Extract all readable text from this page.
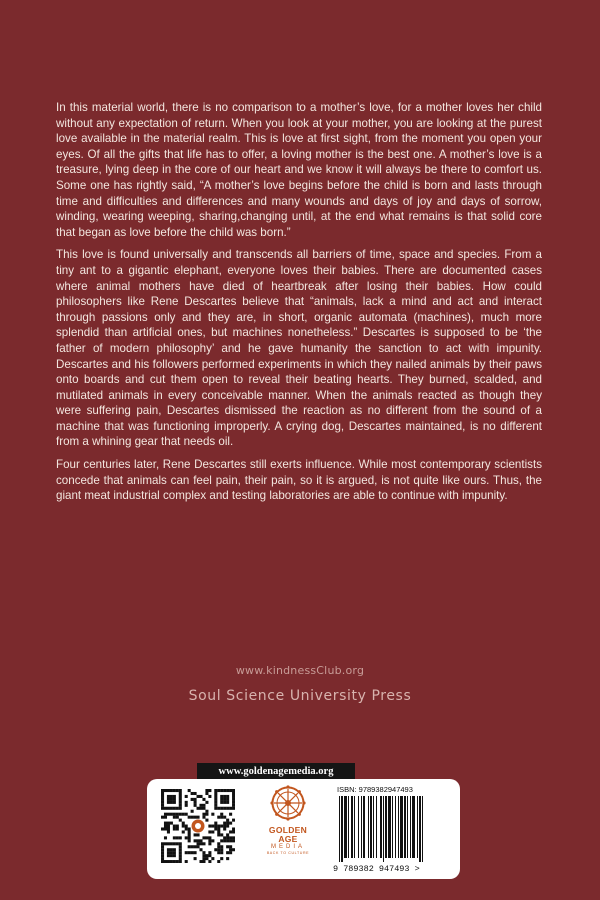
In this material world, there is no comparison to a mother’s love, for a mother loves her child without any expectation of return. When you look at your mother, you are looking at the purest love available in the material realm. This is love at first sight, from the moment you open your eyes. Of all the gifts that life has to offer, a loving mother is the best one. A mother’s love is a treasure, lying deep in the core of our heart and we know it will always be there to comfort us. Some one has rightly said, “A mother’s love begins before the child is born and lasts through time and difficulties and differences and many wounds and days of joy and days of sorrow, winding, wearing weeping, sharing,changing until, at the end what remains is that solid core that began as love before the child was born.”

This love is found universally and transcends all barriers of time, space and species. From a tiny ant to a gigantic elephant, everyone loves their babies. There are documented cases where animal mothers have died of heartbreak after losing their babies. How could philosophers like Rene Descartes believe that “animals, lack a mind and act and interact through passions only and they are, in short, organic automata (machines), much more splendid than artificial ones, but machines nonetheless.” Descartes is supposed to be ‘the father of modern philosophy’ and he gave humanity the sanction to act with impunity. Descartes and his followers performed experiments in which they nailed animals by their paws onto boards and cut them open to reveal their beating hearts. They burned, scalded, and mutilated animals in every conceivable manner. When the animals reacted as though they were suffering pain, Descartes dismissed the reaction as no different from the sound of a machine that was functioning improperly. A crying dog, Descartes maintained, is no different from a whining gear that needs oil.

Four centuries later, Rene Descartes still exerts influence. While most contemporary scientists concede that animals can feel pain, their pain, so it is argued, is not quite like ours. Thus, the giant meat industrial complex and testing laboratories are able to continue with impunity.

www.kindnessClub.org
Soul Science University Press
www.goldenagemedia.org
GOLDEN AGE
MEDIA
BACK TO CULTURE
ISBN: 9789382947493
9 789382 947493 >
